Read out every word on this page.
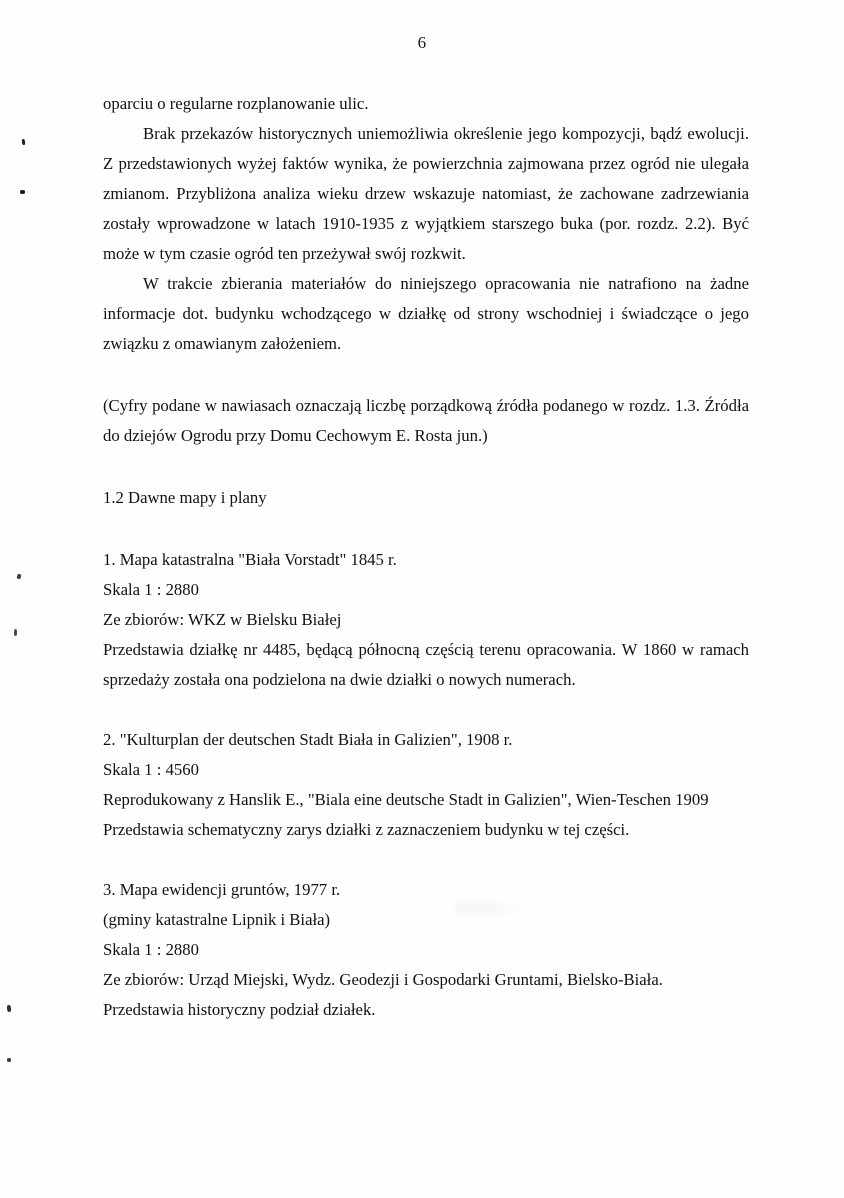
6

oparciu o regularne rozplanowanie ulic.

Brak przekazów historycznych uniemożliwia określenie jego kompozycji, bądź ewolucji. Z przedstawionych wyżej faktów wynika, że powierzchnia zajmowana przez ogród nie ulegała zmianom. Przybliżona analiza wieku drzew wskazuje natomiast, że zachowane zadrzewiania zostały wprowadzone w latach 1910-1935 z wyjątkiem starszego buka (por. rozdz. 2.2). Być może w tym czasie ogród ten przeżywał swój rozkwit.

W trakcie zbierania materiałów do niniejszego opracowania nie natrafiono na żadne informacje dot. budynku wchodzącego w działkę od strony wschodniej i świadczące o jego związku z omawianym założeniem.

(Cyfry podane w nawiasach oznaczają liczbę porządkową źródła podanego w rozdz. 1.3. Źródła do dziejów Ogrodu przy Domu Cechowym E. Rosta jun.)

1.2 Dawne mapy i plany

1. Mapa katastralna "Biała Vorstadt" 1845 r.
Skala 1 : 2880
Ze zbiorów: WKZ w Bielsku Białej
Przedstawia działkę nr 4485, będącą północną częścią terenu opracowania. W 1860 w ramach sprzedaży została ona podzielona na dwie działki o nowych numerach.
2. "Kulturplan der deutschen Stadt Biała in Galizien", 1908 r.
Skala 1 : 4560
Reprodukowany z Hanslik E., "Biala eine deutsche Stadt in Galizien", Wien-Teschen 1909
Przedstawia schematyczny zarys działki z zaznaczeniem budynku w tej części.
3. Mapa ewidencji gruntów, 1977 r.
(gminy katastralne Lipnik i Biała)
Skala 1 : 2880
Ze zbiorów: Urząd Miejski, Wydz. Geodezji i Gospodarki Gruntami, Bielsko-Biała.
Przedstawia historyczny podział działek.
